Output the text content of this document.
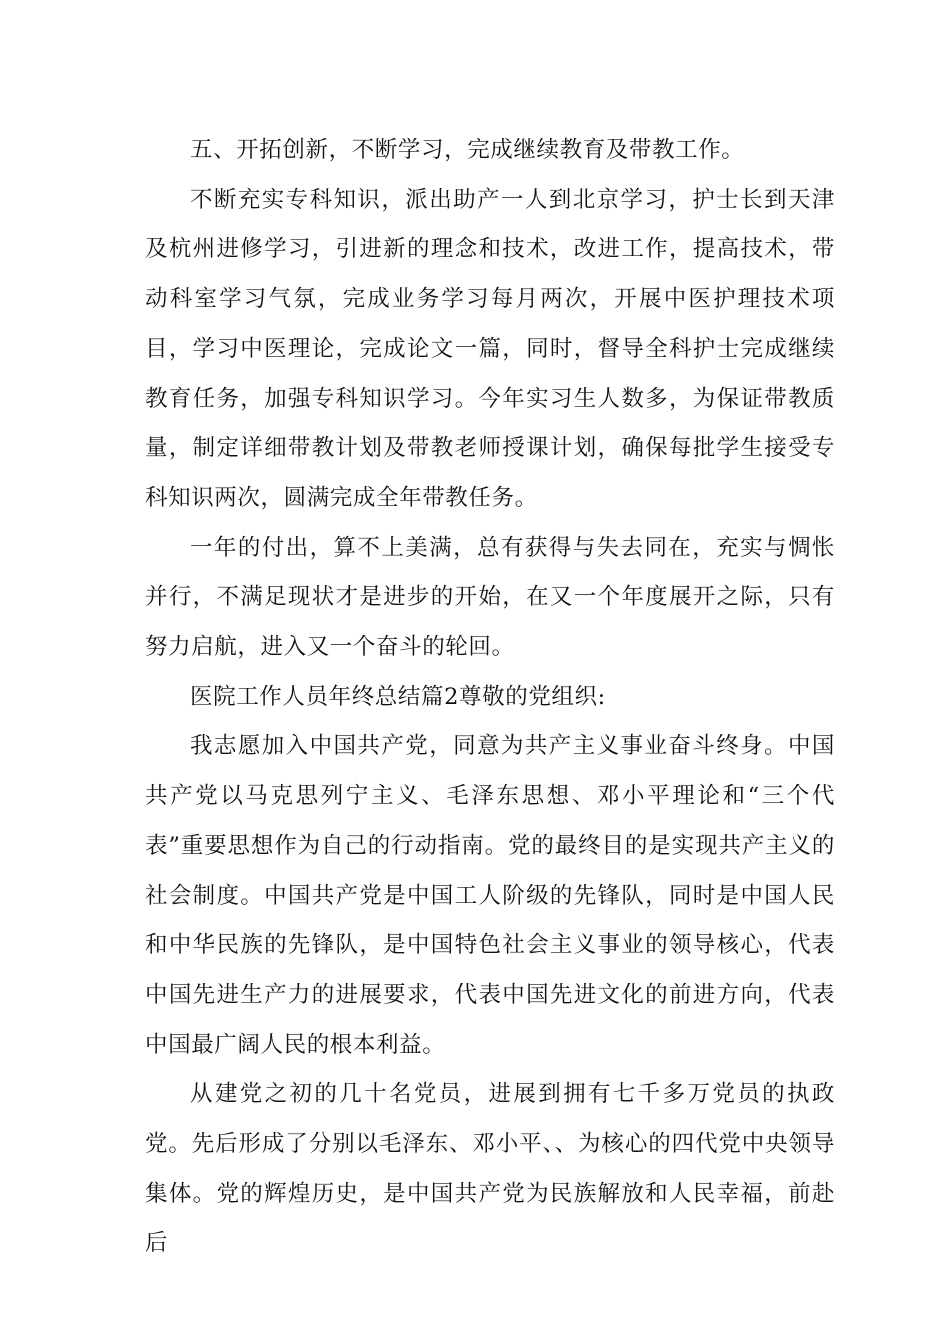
五、开拓创新，不断学习，完成继续教育及带教工作。

不断充实专科知识，派出助产一人到北京学习，护士长到天津及杭州进修学习，引进新的理念和技术，改进工作，提高技术，带动科室学习气氛，完成业务学习每月两次，开展中医护理技术项目，学习中医理论，完成论文一篇，同时，督导全科护士完成继续教育任务，加强专科知识学习。今年实习生人数多，为保证带教质量，制定详细带教计划及带教老师授课计划，确保每批学生接受专科知识两次，圆满完成全年带教任务。

一年的付出，算不上美满，总有获得与失去同在，充实与惆怅并行，不满足现状才是进步的开始，在又一个年度展开之际，只有努力启航，进入又一个奋斗的轮回。

医院工作人员年终总结篇2尊敬的党组织:

我志愿加入中国共产党，同意为共产主义事业奋斗终身。中国共产党以马克思列宁主义、毛泽东思想、邓小平理论和“三个代表”重要思想作为自己的行动指南。党的最终目的是实现共产主义的社会制度。中国共产党是中国工人阶级的先锋队，同时是中国人民和中华民族的先锋队，是中国特色社会主义事业的领导核心，代表中国先进生产力的进展要求，代表中国先进文化的前进方向，代表中国最广阔人民的根本利益。

从建党之初的几十名党员，进展到拥有七千多万党员的执政党。先后形成了分别以毛泽东、邓小平、、为核心的四代党中央领导集体。党的辉煌历史，是中国共产党为民族解放和人民幸福，前赴后
